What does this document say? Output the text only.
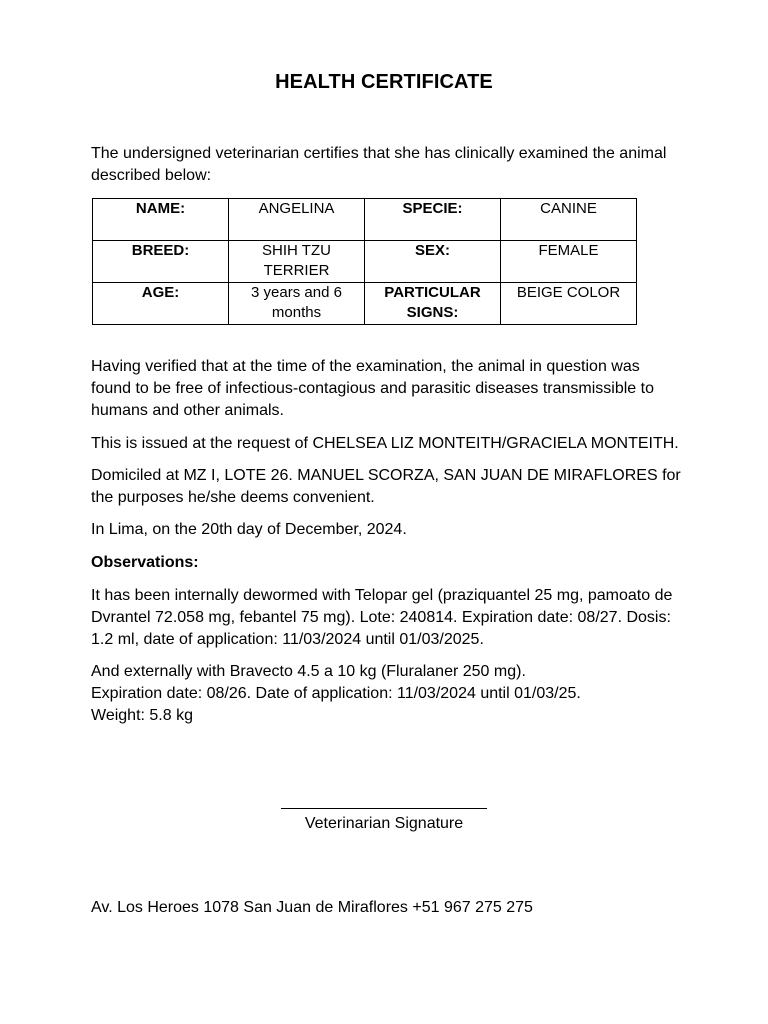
HEALTH CERTIFICATE
The undersigned veterinarian certifies that she has clinically examined the animal described below:
NAME:	ANGELINA	SPECIE:	CANINE
BREED:	SHIH TZU TERRIER	SEX:	FEMALE
AGE:	3 years and 6 months	PARTICULAR SIGNS:	BEIGE COLOR
Having verified that at the time of the examination, the animal in question was found to be free of infectious-contagious and parasitic diseases transmissible to humans and other animals.
This is issued at the request of CHELSEA LIZ MONTEITH/GRACIELA MONTEITH.
Domiciled at MZ I, LOTE 26. MANUEL SCORZA, SAN JUAN DE MIRAFLORES for the purposes he/she deems convenient.
In Lima, on the 20th day of December, 2024.
Observations:
It has been internally dewormed with Telopar gel (praziquantel 25 mg, pamoato de Dvrantel 72.058 mg, febantel 75 mg). Lote: 240814. Expiration date: 08/27. Dosis: 1.2 ml, date of application: 11/03/2024 until 01/03/2025.
And externally with Bravecto 4.5 a 10 kg (Fluralaner 250 mg).
Expiration date: 08/26. Date of application: 11/03/2024 until 01/03/25.
Weight: 5.8 kg
Veterinarian Signature
Av. Los Heroes 1078 San Juan de Miraflores +51 967 275 275
